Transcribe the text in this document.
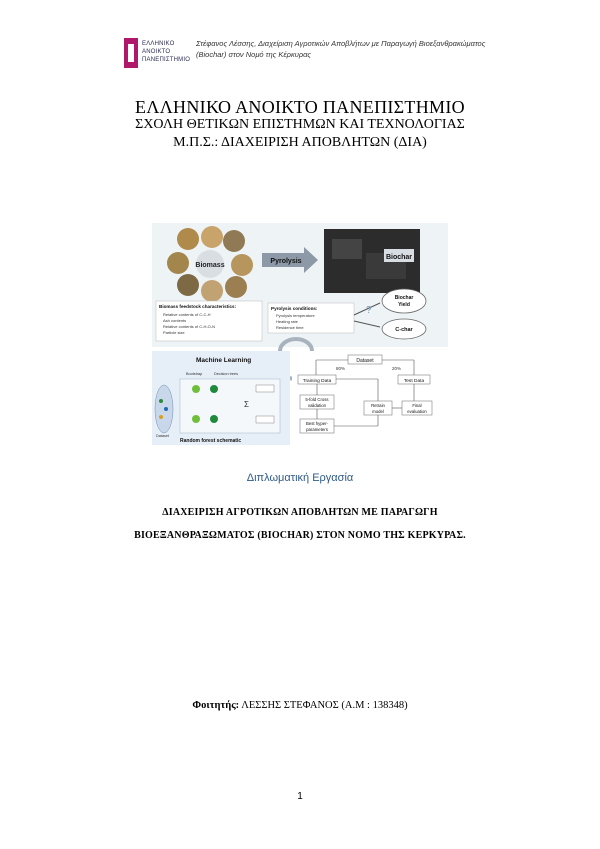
ΕΛΛΗΝΙΚΟ
ΑΝΟΙΚΤΟ
ΠΑΝΕΠΙΣΤΗΜΙΟ
Στέφανος Λέσσης, Διαχείριση Αγροτικών Αποβλήτων με Παραγωγή Βιοεξανθρακώματος
(Biochar) στον Νομό της Κέρκυρας
ΕΛΛΗΝΙΚΟ ΑΝΟΙΚΤΟ ΠΑΝΕΠΙΣΤΗΜΙΟ
ΣΧΟΛΗ ΘΕΤΙΚΩΝ ΕΠΙΣΤΗΜΩΝ ΚΑΙ ΤΕΧΝΟΛΟΓΙΑΣ
Μ.Π.Σ.: ΔΙΑΧΕΙΡΙΣΗ ΑΠΟΒΛΗΤΩΝ (ΔΙΑ)
Biomass
Pyrolysis
Biochar
Biomass feedstock characteristics:
Relative contents of C-C-H
Ash contents
Relative contents of C-H-O-N
Particle size
Pyrolysis conditions:
Pyrolysis temperature
Heating rate
Residence time
?
Biochar
Yield
C-char
Machine Learning
Bootstrap	Decision trees
Dataset
Σ
Random forest schematic
Dataset
80%	20%
Training Data	Test Data
5-fold Cross
validation	Retrain
model
Final
evaluation
Best hyper-
parameters
Διπλωματική Εργασία
ΔΙΑΧΕΙΡΙΣΗ ΑΓΡΟΤΙΚΩΝ ΑΠΟΒΛΗΤΩΝ ΜΕ ΠΑΡΑΓΩΓΗ
ΒΙΟΕΞΑΝΘΡΑΞΩΜΑΤΟΣ (BIOCHAR) ΣΤΟΝ ΝΟΜΟ ΤΗΣ ΚΕΡΚΥΡΑΣ.
Φοιτητής: ΛΕΣΣΗΣ ΣΤΕΦΑΝΟΣ (Α.Μ : 138348)
1
